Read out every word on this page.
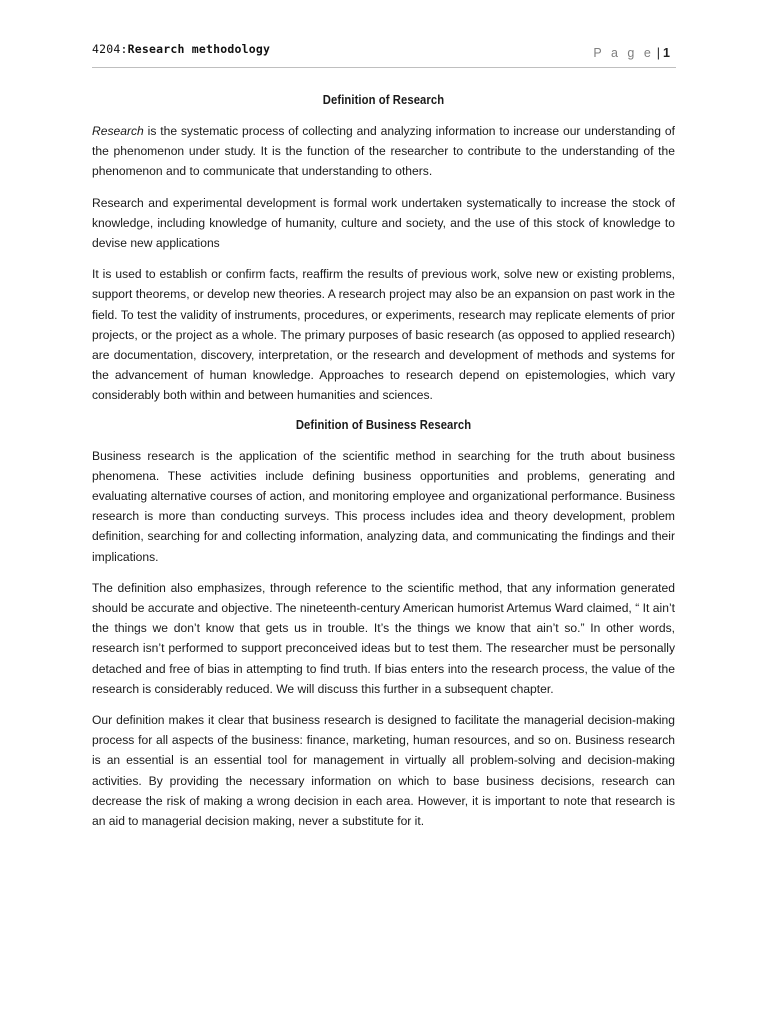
4204:Research methodology	P a g e | 1
Definition of Research

Research is the systematic process of collecting and analyzing information to increase our understanding of the phenomenon under study. It is the function of the researcher to contribute to the understanding of the phenomenon and to communicate that understanding to others.

Research and experimental development is formal work undertaken systematically to increase the stock of knowledge, including knowledge of humanity, culture and society, and the use of this stock of knowledge to devise new applications

It is used to establish or confirm facts, reaffirm the results of previous work, solve new or existing problems, support theorems, or develop new theories. A research project may also be an expansion on past work in the field. To test the validity of instruments, procedures, or experiments, research may replicate elements of prior projects, or the project as a whole. The primary purposes of basic research (as opposed to applied research) are documentation, discovery, interpretation, or the research and development of methods and systems for the advancement of human knowledge. Approaches to research depend on epistemologies, which vary considerably both within and between humanities and sciences.

Definition of Business Research

Business research is the application of the scientific method in searching for the truth about business phenomena. These activities include defining business opportunities and problems, generating and evaluating alternative courses of action, and monitoring employee and organizational performance. Business research is more than conducting surveys. This process includes idea and theory development, problem definition, searching for and collecting information, analyzing data, and communicating the findings and their implications.

The definition also emphasizes, through reference to the scientific method, that any information generated should be accurate and objective. The nineteenth-century American humorist Artemus Ward claimed, “ It ain’t the things we don’t know that gets us in trouble. It’s the things we know that ain’t so.” In other words, research isn’t performed to support preconceived ideas but to test them. The researcher must be personally detached and free of bias in attempting to find truth. If bias enters into the research process, the value of the research is considerably reduced. We will discuss this further in a subsequent chapter.

Our definition makes it clear that business research is designed to facilitate the managerial decision-making process for all aspects of the business: finance, marketing, human resources, and so on. Business research is an essential is an essential tool for management in virtually all problem-solving and decision-making activities. By providing the necessary information on which to base business decisions, research can decrease the risk of making a wrong decision in each area. However, it is important to note that research is an aid to managerial decision making, never a substitute for it.
